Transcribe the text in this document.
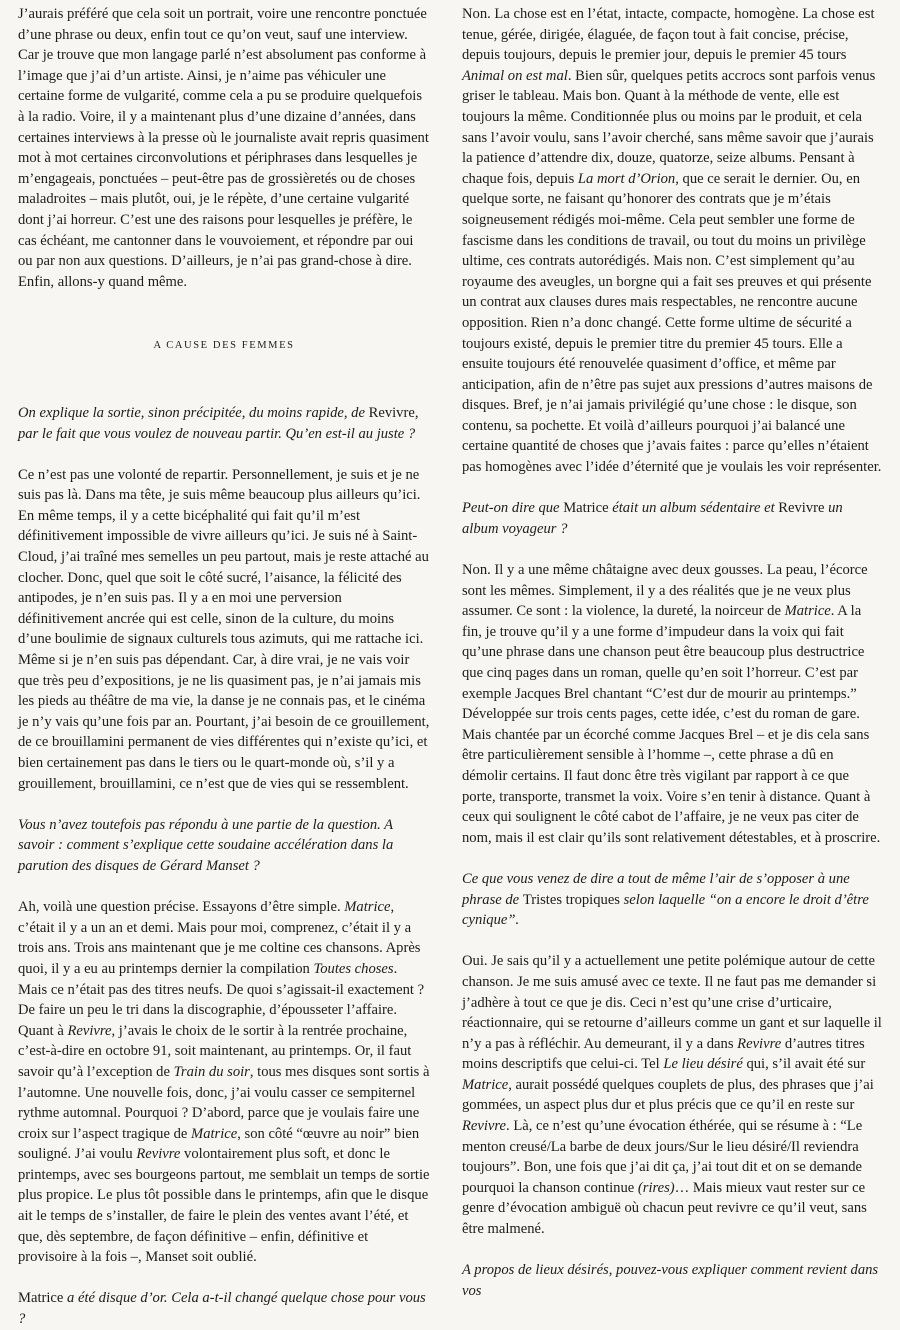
J’aurais préféré que cela soit un portrait, voire une rencontre ponctuée d’une phrase ou deux, enfin tout ce qu’on veut, sauf une interview. Car je trouve que mon langage parlé n’est absolument pas conforme à l’image que j’ai d’un artiste. Ainsi, je n’aime pas véhiculer une certaine forme de vulgarité, comme cela a pu se produire quelquefois à la radio. Voire, il y a maintenant plus d’une dizaine d’années, dans certaines interviews à la presse où le journaliste avait repris quasiment mot à mot certaines circonvolutions et périphrases dans lesquelles je m’engageais, ponctuées – peut-être pas de grossièretés ou de choses maladroites – mais plutôt, oui, je le répète, d’une certaine vulgarité dont j’ai horreur. C’est une des raisons pour lesquelles je préfère, le cas échéant, me cantonner dans le vouvoiement, et répondre par oui ou par non aux questions. D’ailleurs, je n’ai pas grand-chose à dire. Enfin, allons-y quand même.

A CAUSE DES FEMMES

On explique la sortie, sinon précipitée, du moins rapide, de Revivre, par le fait que vous voulez de nouveau partir. Qu’en est-il au juste ?

Ce n’est pas une volonté de repartir. Personnellement, je suis et je ne suis pas là. Dans ma tête, je suis même beaucoup plus ailleurs qu’ici. En même temps, il y a cette bicéphalité qui fait qu’il m’est définitivement impossible de vivre ailleurs qu’ici. Je suis né à Saint-Cloud, j’ai traîné mes semelles un peu partout, mais je reste attaché au clocher. Donc, quel que soit le côté sucré, l’aisance, la félicité des antipodes, je n’en suis pas. Il y a en moi une perversion définitivement ancrée qui est celle, sinon de la culture, du moins d’une boulimie de signaux culturels tous azimuts, qui me rattache ici. Même si je n’en suis pas dépendant. Car, à dire vrai, je ne vais voir que très peu d’expositions, je ne lis quasiment pas, je n’ai jamais mis les pieds au théâtre de ma vie, la danse je ne connais pas, et le cinéma je n’y vais qu’une fois par an. Pourtant, j’ai besoin de ce grouillement, de ce brouillamini permanent de vies différentes qui n’existe qu’ici, et bien certainement pas dans le tiers ou le quart-monde où, s’il y a grouillement, brouillamini, ce n’est que de vies qui se ressemblent.

Vous n’avez toutefois pas répondu à une partie de la question. A savoir : comment s’explique cette soudaine accélération dans la parution des disques de Gérard Manset ?

Ah, voilà une question précise. Essayons d’être simple. Matrice, c’était il y a un an et demi. Mais pour moi, comprenez, c’était il y a trois ans. Trois ans maintenant que je me coltine ces chansons. Après quoi, il y a eu au printemps dernier la compilation Toutes choses. Mais ce n’était pas des titres neufs. De quoi s’agissait-il exactement ? De faire un peu le tri dans la discographie, d’épousseter l’affaire. Quant à Revivre, j’avais le choix de le sortir à la rentrée prochaine, c’est-à-dire en octobre 91, soit maintenant, au printemps. Or, il faut savoir qu’à l’exception de Train du soir, tous mes disques sont sortis à l’automne. Une nouvelle fois, donc, j’ai voulu casser ce sempiternel rythme automnal. Pourquoi ? D’abord, parce que je voulais faire une croix sur l’aspect tragique de Matrice, son côté “œuvre au noir” bien souligné. J’ai voulu Revivre volontairement plus soft, et donc le printemps, avec ses bourgeons partout, me semblait un temps de sortie plus propice. Le plus tôt possible dans le printemps, afin que le disque ait le temps de s’installer, de faire le plein des ventes avant l’été, et que, dès septembre, de façon définitive – enfin, définitive et provisoire à la fois –, Manset soit oublié.

Matrice a été disque d’or. Cela a-t-il changé quelque chose pour vous ?

Non. La chose est en l’état, intacte, compacte, homogène. La chose est tenue, gérée, dirigée, élaguée, de façon tout à fait concise, précise, depuis toujours, depuis le premier jour, depuis le premier 45 tours Animal on est mal. Bien sûr, quelques petits accrocs sont parfois venus griser le tableau. Mais bon. Quant à la méthode de vente, elle est toujours la même. Conditionnée plus ou moins par le produit, et cela sans l’avoir voulu, sans l’avoir cherché, sans même savoir que j’aurais la patience d’attendre dix, douze, quatorze, seize albums. Pensant à chaque fois, depuis La mort d’Orion, que ce serait le dernier. Ou, en quelque sorte, ne faisant qu’honorer des contrats que je m’étais soigneusement rédigés moi-même. Cela peut sembler une forme de fascisme dans les conditions de travail, ou tout du moins un privilège ultime, ces contrats autorédigés. Mais non. C’est simplement qu’au royaume des aveugles, un borgne qui a fait ses preuves et qui présente un contrat aux clauses dures mais respectables, ne rencontre aucune opposition. Rien n’a donc changé. Cette forme ultime de sécurité a toujours existé, depuis le premier titre du premier 45 tours. Elle a ensuite toujours été renouvelée quasiment d’office, et même par anticipation, afin de n’être pas sujet aux pressions d’autres maisons de disques. Bref, je n’ai jamais privilégié qu’une chose : le disque, son contenu, sa pochette. Et voilà d’ailleurs pourquoi j’ai balancé une certaine quantité de choses que j’avais faites : parce qu’elles n’étaient pas homogènes avec l’idée d’éternité que je voulais les voir représenter.

Peut-on dire que Matrice était un album sédentaire et Revivre un album voyageur ?

Non. Il y a une même châtaigne avec deux gousses. La peau, l’écorce sont les mêmes. Simplement, il y a des réalités que je ne veux plus assumer. Ce sont : la violence, la dureté, la noirceur de Matrice. A la fin, je trouve qu’il y a une forme d’impudeur dans la voix qui fait qu’une phrase dans une chanson peut être beaucoup plus destructrice que cinq pages dans un roman, quelle qu’en soit l’horreur. C’est par exemple Jacques Brel chantant “C’est dur de mourir au printemps.” Développée sur trois cents pages, cette idée, c’est du roman de gare. Mais chantée par un écorché comme Jacques Brel – et je dis cela sans être particulièrement sensible à l’homme –, cette phrase a dû en démolir certains. Il faut donc être très vigilant par rapport à ce que porte, transporte, transmet la voix. Voire s’en tenir à distance. Quant à ceux qui soulignent le côté cabot de l’affaire, je ne veux pas citer de nom, mais il est clair qu’ils sont relativement détestables, et à proscrire.

Ce que vous venez de dire a tout de même l’air de s’opposer à une phrase de Tristes tropiques selon laquelle “on a encore le droit d’être cynique”.

Oui. Je sais qu’il y a actuellement une petite polémique autour de cette chanson. Je me suis amusé avec ce texte. Il ne faut pas me demander si j’adhère à tout ce que je dis. Ceci n’est qu’une crise d’urticaire, réactionnaire, qui se retourne d’ailleurs comme un gant et sur laquelle il n’y a pas à réfléchir. Au demeurant, il y a dans Revivre d’autres titres moins descriptifs que celui-ci. Tel Le lieu désiré qui, s’il avait été sur Matrice, aurait possédé quelques couplets de plus, des phrases que j’ai gommées, un aspect plus dur et plus précis que ce qu’il en reste sur Revivre. Là, ce n’est qu’une évocation éthérée, qui se résume à : “Le menton creusé/La barbe de deux jours/Sur le lieu désiré/Il reviendra toujours”. Bon, une fois que j’ai dit ça, j’ai tout dit et on se demande pourquoi la chanson continue (rires)… Mais mieux vaut rester sur ce genre d’évocation ambiguë où chacun peut revivre ce qu’il veut, sans être malmené.

A propos de lieux désirés, pouvez-vous expliquer comment revient dans vos
